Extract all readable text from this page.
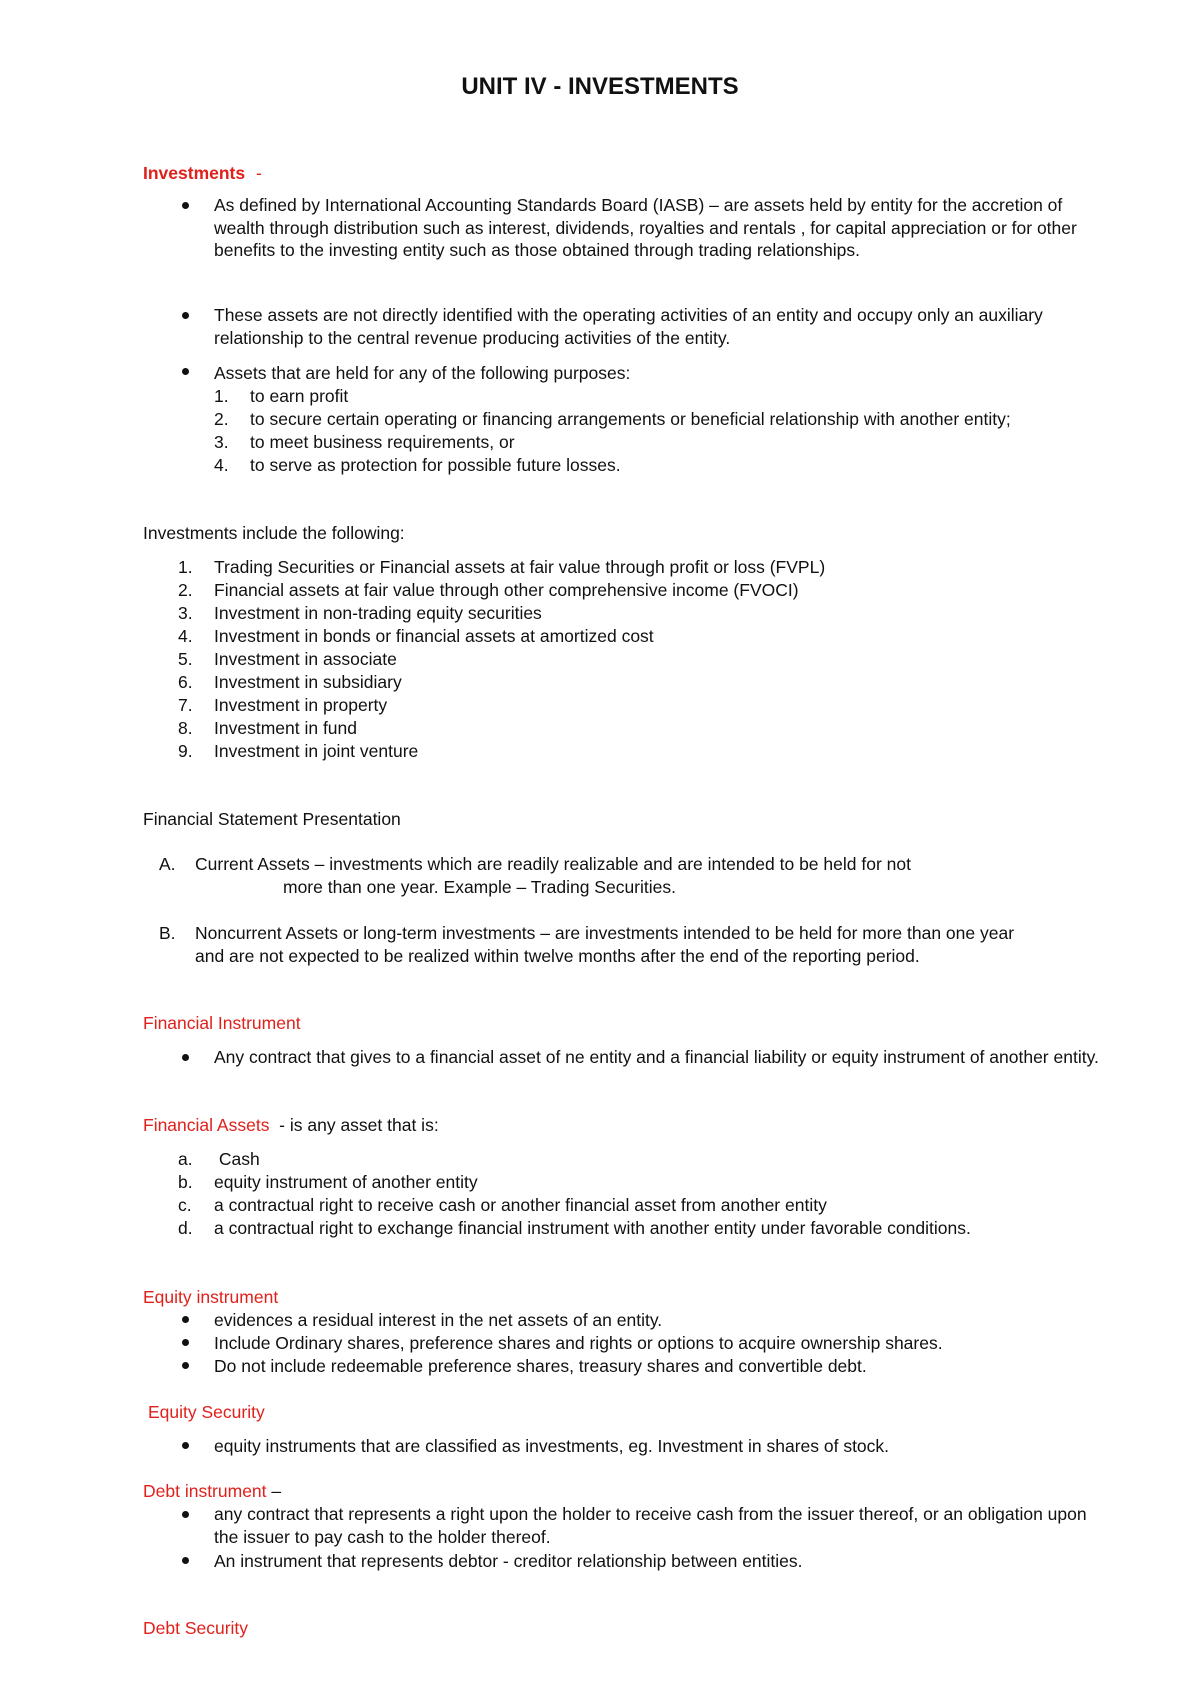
UNIT IV - INVESTMENTS
Investments -
As defined by International Accounting Standards Board (IASB) – are assets held by entity for the accretion of wealth through distribution such as interest, dividends, royalties and rentals , for capital appreciation or for other benefits to the investing entity such as those obtained through trading relationships.
These assets are not directly identified with the operating activities of an entity and occupy only an auxiliary relationship to the central revenue producing activities of the entity.
Assets that are held for any of the following purposes:
1. to earn profit
2. to secure certain operating or financing arrangements or beneficial relationship with another entity;
3. to meet business requirements, or
4. to serve as protection for possible future losses.
Investments include the following:
1. Trading Securities or Financial assets at fair value through profit or loss (FVPL)
2. Financial assets at fair value through other comprehensive income (FVOCI)
3. Investment in non-trading equity securities
4. Investment in bonds or financial assets at amortized cost
5. Investment in associate
6. Investment in subsidiary
7. Investment in property
8. Investment in fund
9. Investment in joint venture
Financial Statement Presentation
A. Current Assets – investments which are readily realizable and are intended to be held for not
more than one year. Example – Trading Securities.
B. Noncurrent Assets or long-term investments – are investments intended to be held for more than one year
and are not expected to be realized within twelve months after the end of the reporting period.
Financial Instrument
Any contract that gives to a financial asset of ne entity and a financial liability or equity instrument of another entity.
Financial Assets  - is any asset that is:
a. Cash
b. equity instrument of another entity
c. a contractual right to receive cash or another financial asset from another entity
d. a contractual right to exchange financial instrument with another entity under favorable conditions.
Equity instrument
evidences a residual interest in the net assets of an entity.
Include Ordinary shares, preference shares and rights or options to acquire ownership shares.
Do not include redeemable preference shares, treasury shares and convertible debt.
Equity Security
equity instruments that are classified as investments, eg. Investment in shares of stock.
Debt instrument –
any contract that represents a right upon the holder to receive cash from the issuer thereof, or an obligation upon the issuer to pay cash to the holder thereof.
An instrument that represents debtor - creditor relationship between entities.
Debt Security
